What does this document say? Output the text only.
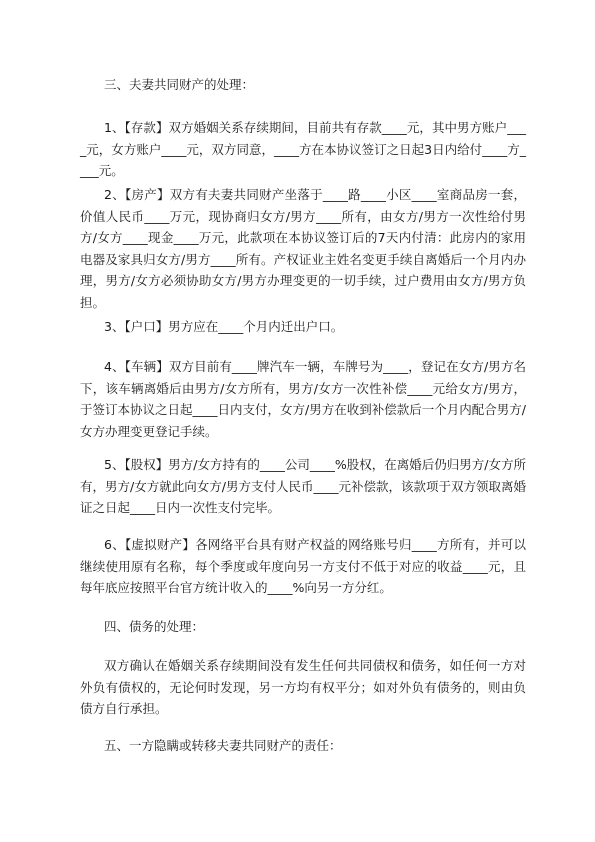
三、夫妻共同财产的处理：
1、【存款】双方婚姻关系存续期间，目前共有存款____元，其中男方账户____元，女方账户____元，双方同意，____方在本协议签订之日起3日内给付____方____元。
2、【房产】双方有夫妻共同财产坐落于____路____小区____室商品房一套，价值人民币____万元，现协商归女方/男方____所有，由女方/男方一次性给付男方/女方____现金____万元，此款项在本协议签订后的7天内付清：此房内的家用电器及家具归女方/男方____所有。产权证业主姓名变更手续自离婚后一个月内办理，男方/女方必须协助女方/男方办理变更的一切手续，过户费用由女方/男方负担。
3、【户口】男方应在____个月内迁出户口。
4、【车辆】双方目前有____牌汽车一辆，车牌号为____，登记在女方/男方名下，该车辆离婚后由男方/女方所有，男方/女方一次性补偿____元给女方/男方，于签订本协议之日起____日内支付，女方/男方在收到补偿款后一个月内配合男方/女方办理变更登记手续。
5、【股权】男方/女方持有的____公司____%股权，在离婚后仍归男方/女方所有，男方/女方就此向女方/男方支付人民币____元补偿款，该款项于双方领取离婚证之日起____日内一次性支付完毕。
6、【虚拟财产】各网络平台具有财产权益的网络账号归____方所有，并可以继续使用原有名称，每个季度或年度向另一方支付不低于对应的收益____元，且每年底应按照平台官方统计收入的____%向另一方分红。
四、债务的处理：
双方确认在婚姻关系存续期间没有发生任何共同债权和债务，如任何一方对外负有债权的，无论何时发现，另一方均有权平分；如对外负有债务的，则由负债方自行承担。
五、一方隐瞒或转移夫妻共同财产的责任：
